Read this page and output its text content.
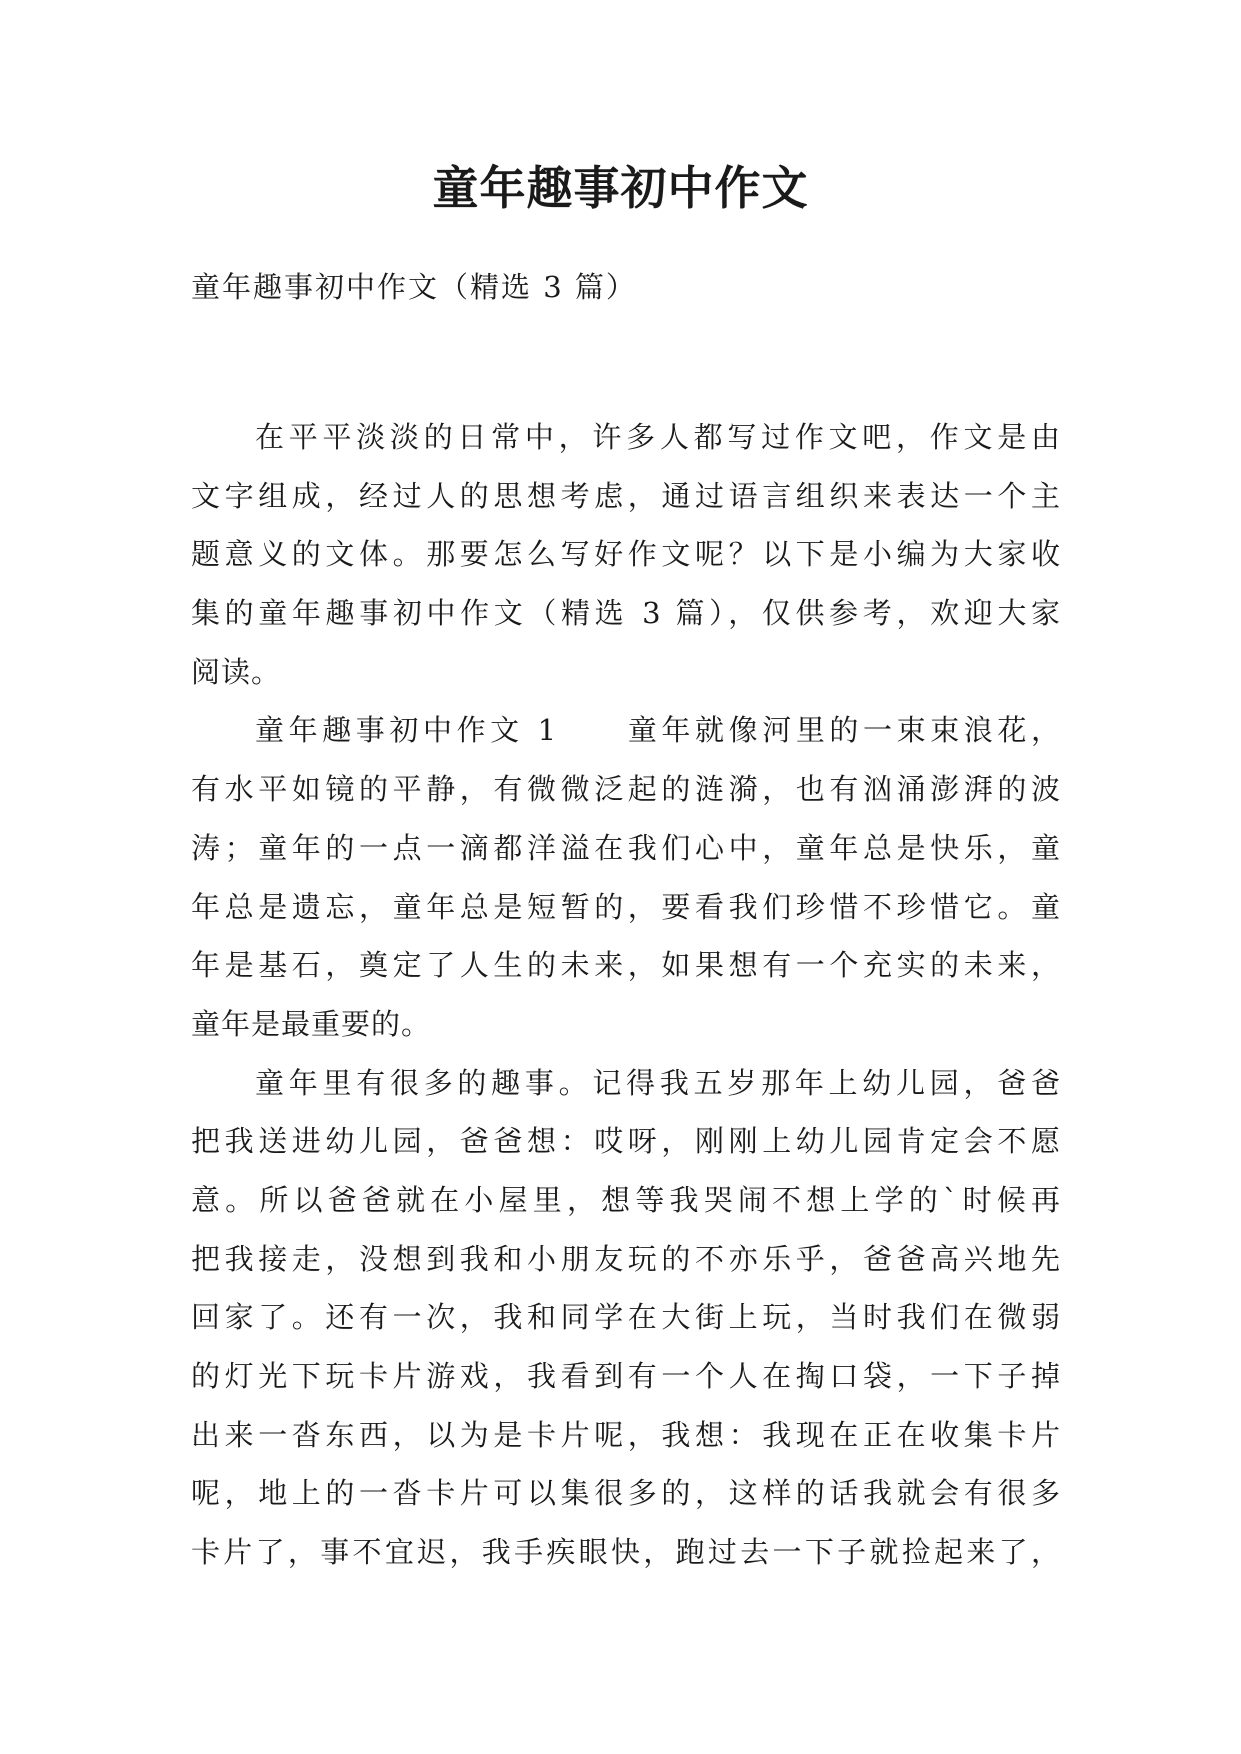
童年趣事初中作文

童年趣事初中作文（精选 3 篇）

在平平淡淡的日常中，许多人都写过作文吧，作文是由
文字组成，经过人的思想考虑，通过语言组织来表达一个主
题意义的文体。那要怎么写好作文呢？以下是小编为大家收
集的童年趣事初中作文（精选 3 篇），仅供参考，欢迎大家
阅读。
童年趣事初中作文 1　　童年就像河里的一束束浪花，
有水平如镜的平静，有微微泛起的涟漪，也有汹涌澎湃的波
涛；童年的一点一滴都洋溢在我们心中，童年总是快乐，童
年总是遗忘，童年总是短暂的，要看我们珍惜不珍惜它。童
年是基石，奠定了人生的未来，如果想有一个充实的未来，
童年是最重要的。
童年里有很多的趣事。记得我五岁那年上幼儿园，爸爸
把我送进幼儿园，爸爸想：哎呀，刚刚上幼儿园肯定会不愿
意。所以爸爸就在小屋里，想等我哭闹不想上学的`时候再
把我接走，没想到我和小朋友玩的不亦乐乎，爸爸高兴地先
回家了。还有一次，我和同学在大街上玩，当时我们在微弱
的灯光下玩卡片游戏，我看到有一个人在掏口袋，一下子掉
出来一沓东西，以为是卡片呢，我想：我现在正在收集卡片
呢，地上的一沓卡片可以集很多的，这样的话我就会有很多
卡片了，事不宜迟，我手疾眼快，跑过去一下子就捡起来了，
